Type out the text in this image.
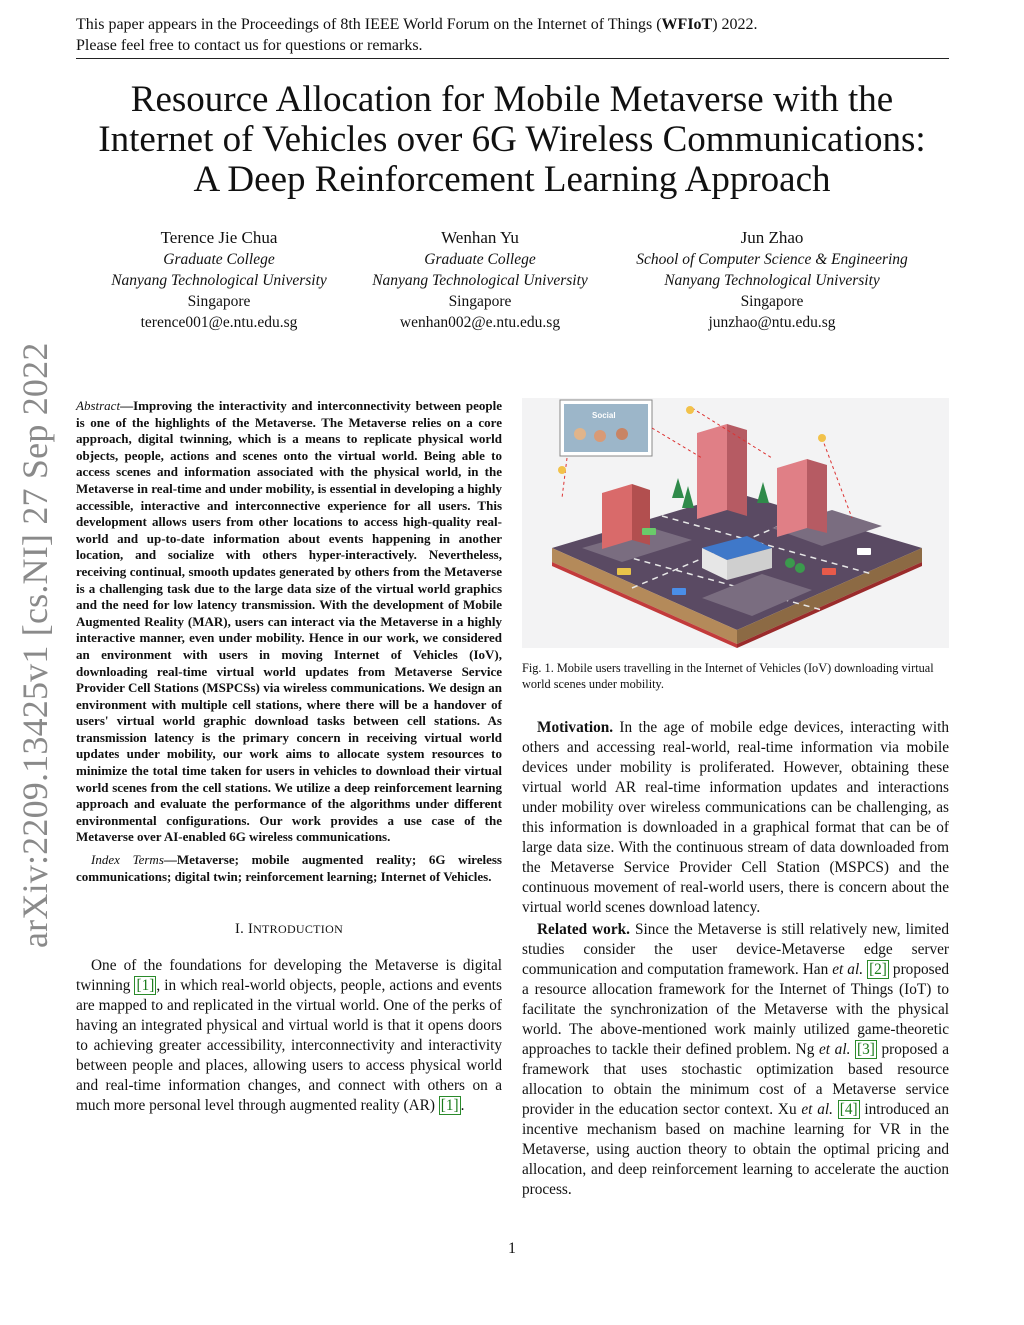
This paper appears in the Proceedings of 8th IEEE World Forum on the Internet of Things (WFIoT) 2022.
Please feel free to contact us for questions or remarks.
Resource Allocation for Mobile Metaverse with the
Internet of Vehicles over 6G Wireless Communications:
A Deep Reinforcement Learning Approach
Terence Jie Chua
Graduate College
Nanyang Technological University
Singapore
terence001@e.ntu.edu.sg
Wenhan Yu
Graduate College
Nanyang Technological University
Singapore
wenhan002@e.ntu.edu.sg
Jun Zhao
School of Computer Science & Engineering
Nanyang Technological University
Singapore
junzhao@ntu.edu.sg
arXiv:2209.13425v1 [cs.NI] 27 Sep 2022 Abstract—Improving the interactivity and interconnectivity between people is one of the highlights of the Metaverse. The Metaverse relies on a core approach, digital twinning, which is a means to replicate physical world objects, people, actions and scenes onto the virtual world. Being able to access scenes and information associated with the physical world, in the Metaverse in real-time and under mobility, is essential in developing a highly accessible, interactive and interconnective experience for all users. This development allows users from other locations to access high-quality real-world and up-to-date information about events happening in another location, and socialize with others hyper-interactively. Nevertheless, receiving continual, smooth updates generated by others from the Metaverse is a challenging task due to the large data size of the virtual world graphics and the need for low latency transmission. With the development of Mobile Augmented Reality (MAR), users can interact via the Metaverse in a highly interactive manner, even under mobility. Hence in our work, we considered an environment with users in moving Internet of Vehicles (IoV), downloading real-time virtual world updates from Metaverse Service Provider Cell Stations (MSPCSs) via wireless communications. We design an environment with multiple cell stations, where there will be a handover of users' virtual world graphic download tasks between cell stations. As transmission latency is the primary concern in receiving virtual world updates under mobility, our work aims to allocate system resources to minimize the total time taken for users in vehicles to download their virtual world scenes from the cell stations. We utilize a deep reinforcement learning approach and evaluate the performance of the algorithms under different environmental configurations. Our work provides a use case of the Metaverse over AI-enabled 6G wireless communications.

Index Terms—Metaverse; mobile augmented reality; 6G wireless communications; digital twin; reinforcement learning; Internet of Vehicles.

I. INTRODUCTION

One of the foundations for developing the Metaverse is digital twinning [1] , in which real-world objects, people, actions and events are mapped to and replicated in the virtual world. One of the perks of having an integrated physical and virtual world is that it opens doors to achieving greater accessibility, interconnectivity and interactivity between people and places, allowing users to access physical world and real-time information changes, and connect with others on a much more personal level through augmented reality (AR) [1] .

Social

Fig. 1. Mobile users travelling in the Internet of Vehicles (IoV) downloading virtual world scenes under mobility.

Motivation. In the age of mobile edge devices, interacting with others and accessing real-world, real-time information via mobile devices under mobility is proliferated. However, obtaining these virtual world AR real-time information updates and interactions under mobility over wireless communications can be challenging, as this information is downloaded in a graphical format that can be of large data size. With the continuous stream of data downloaded from the Metaverse Service Provider Cell Station (MSPCS) and the continuous movement of real-world users, there is concern about the virtual world scenes download latency.

Related work. Since the Metaverse is still relatively new, limited studies consider the user device-Metaverse edge server communication and computation framework. Han et al. [2] proposed a resource allocation framework for the Internet of Things (IoT) to facilitate the synchronization of the Metaverse with the physical world. The above-mentioned work mainly utilized game-theoretic approaches to tackle their defined problem. Ng et al. [3] proposed a framework that uses stochastic optimization based resource allocation to obtain the minimum cost of a Metaverse service provider in the education sector context. Xu et al. [4] introduced an incentive mechanism based on machine learning for VR in the Metaverse, using auction theory to obtain the optimal pricing and allocation, and deep reinforcement learning to accelerate the auction process.

1
